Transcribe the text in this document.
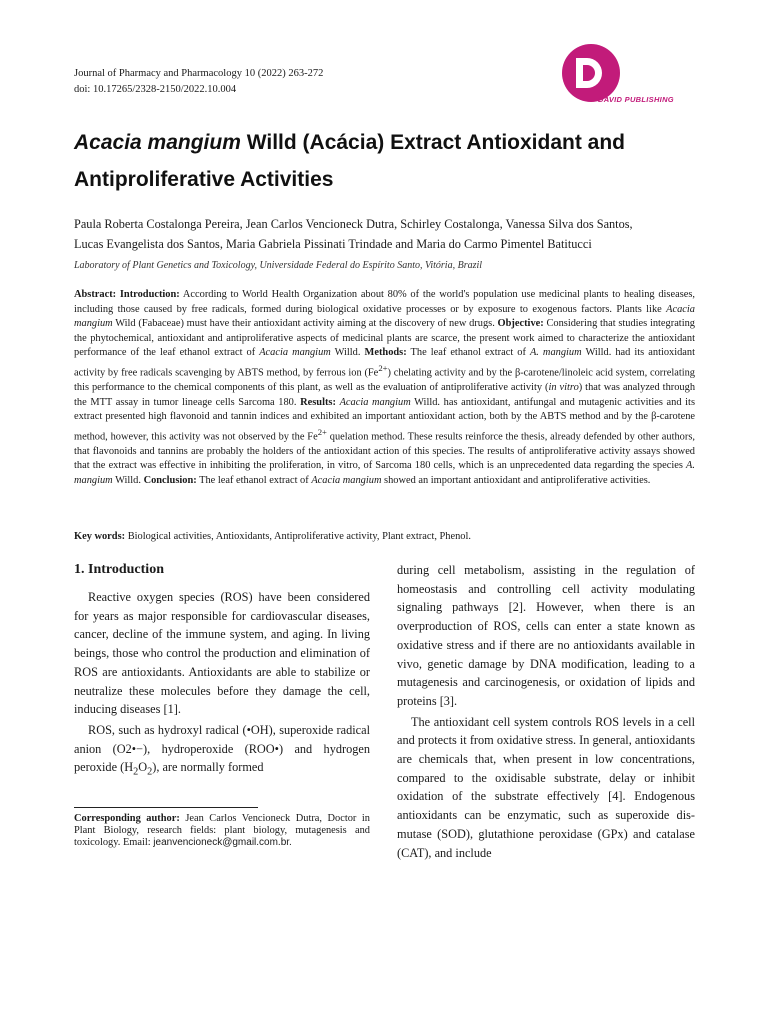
Journal of Pharmacy and Pharmacology 10 (2022) 263-272
doi: 10.17265/2328-2150/2022.10.004
DAVID PUBLISHING
Acacia mangium Willd (Acácia) Extract Antioxidant and
Antiproliferative Activities
Paula Roberta Costalonga Pereira, Jean Carlos Vencioneck Dutra, Schirley Costalonga, Vanessa Silva dos Santos,
Lucas Evangelista dos Santos, Maria Gabriela Pissinati Trindade and Maria do Carmo Pimentel Batitucci
Laboratory of Plant Genetics and Toxicology, Universidade Federal do Espírito Santo, Vitória, Brazil
Abstract: Introduction: According to World Health Organization about 80% of the world's population use medicinal plants to healing diseases, including those caused by free radicals, formed during biological oxidative processes or by exposure to exogenous factors. Plants like Acacia mangium Wild (Fabaceae) must have their antioxidant activity aiming at the discovery of new drugs. Objective: Considering that studies integrating the phytochemical, antioxidant and antiproliferative aspects of medicinal plants are scarce, the present work aimed to characterize the antioxidant performance of the leaf ethanol extract of Acacia mangium Willd. Methods: The leaf ethanol extract of A. mangium Willd. had its antioxidant activity by free radicals scavenging by ABTS method, by ferrous ion $(Fe^{2+})$ chelating activity and by the β-carotene/linoleic acid system, correlating this performance to the chemical components of this plant, as well as the evaluation of antiproliferative activity (in vitro) that was analyzed through the MTT assay in tumor lineage cells Sarcoma 180. Results: Acacia mangium Willd. has antioxidant, antifungal and mutagenic activities and its extract presented high flavonoid and tannin indices and exhibited an important antioxidant action, both by the ABTS method and by the β-carotene method, however, this activity was not observed by the $Fe^{2+}$ quelation method. These results reinforce the thesis, already defended by other authors, that flavonoids and tannins are probably the holders of the antioxidant action of this species. The results of antiproliferative activity assays showed that the extract was effective in inhibiting the proliferation, in vitro, of Sarcoma 180 cells, which is an unprecedented data regarding the species A. mangium Willd. Conclusion: The leaf ethanol extract of Acacia mangium showed an important antioxidant and antiproliferative activities.
Key words: Biological activities, Antioxidants, Antiproliferative activity, Plant extract, Phenol.
1. Introduction
Reactive oxygen species (ROS) have been considered for years as major responsible for cardiovascular diseases, cancer, decline of the immune system, and aging. In living beings, those who control the production and elimination of ROS are antioxidants. Antioxidants are able to stabilize or neutralize these molecules before they damage the cell, inducing diseases [1].
ROS, such as hydroxyl radical (•OH), superoxide radical anion (O2•−), hydroperoxide (ROO•) and hydrogen peroxide $(H_2O_2)$, are normally formed
Corresponding author: Jean Carlos Vencioneck Dutra, Doctor in Plant Biology, research fields: plant biology, mutagenesis and toxicology. Email: jeanvencioneck@gmail.com.br.
during cell metabolism, assisting in the regulation of homeostasis and controlling cell activity modulating signaling pathways [2]. However, when there is an overproduction of ROS, cells can enter a state known as oxidative stress and if there are no antioxidants available in vivo, genetic damage by DNA modification, leading to a mutagenesis and carcinogenesis, or oxidation of lipids and proteins [3].
The antioxidant cell system controls ROS levels in a cell and protects it from oxidative stress. In general, antioxidants are chemicals that, when present in low concentrations, compared to the oxidisable substrate, delay or inhibit oxidation of the substrate effectively [4]. Endogenous antioxidants can be enzymatic, such as superoxide dis-mutase (SOD), glutathione peroxidase (GPx) and catalase (CAT), and include
